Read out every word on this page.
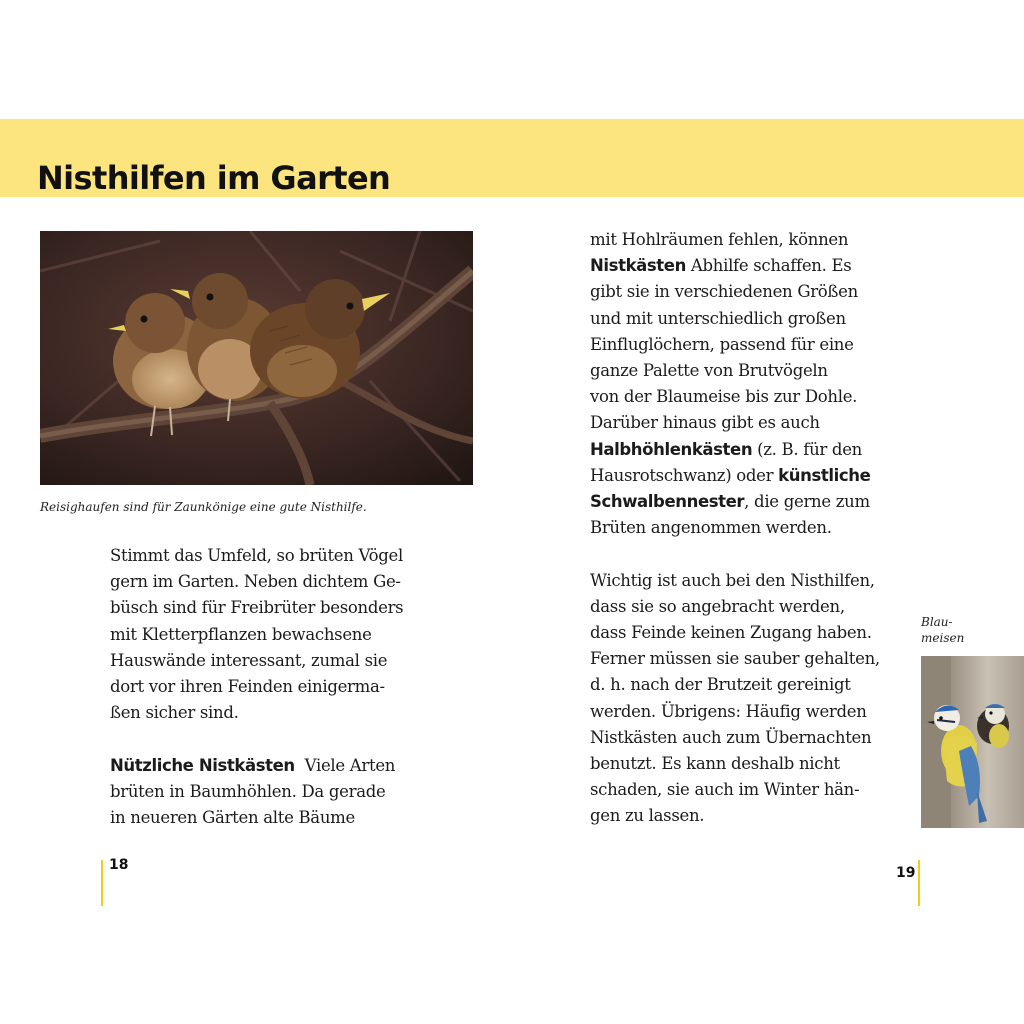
Nisthilfen im Garten
Reisighaufen sind für Zaunkönige eine gute Nisthilfe.
Stimmt das Umfeld, so brüten Vögel
gern im Garten. Neben dichtem Ge-
büsch sind für Freibrüter besonders
mit Kletterpflanzen bewachsene
Hauswände interessant, zumal sie
dort vor ihren Feinden einigerma-
ßen sicher sind.
Nützliche Nistkästen Viele Arten
brüten in Baumhöhlen. Da gerade
in neueren Gärten alte Bäume
mit Hohlräumen fehlen, können
Nistkästen Abhilfe schaffen. Es
gibt sie in verschiedenen Größen
und mit unterschiedlich großen
Einfluglöchern, passend für eine
ganze Palette von Brutvögeln
von der Blaumeise bis zur Dohle.
Darüber hinaus gibt es auch
Halbhöhlenkästen (z. B. für den
Hausrotschwanz) oder künstliche
Schwalbennester, die gerne zum
Brüten angenommen werden.
Wichtig ist auch bei den Nisthilfen,
dass sie so angebracht werden,
dass Feinde keinen Zugang haben.
Ferner müssen sie sauber gehalten,
d. h. nach der Brutzeit gereinigt
werden. Übrigens: Häufig werden
Nistkästen auch zum Übernachten
benutzt. Es kann deshalb nicht
schaden, sie auch im Winter hän-
gen zu lassen.
Blau-
meisen
18	19
